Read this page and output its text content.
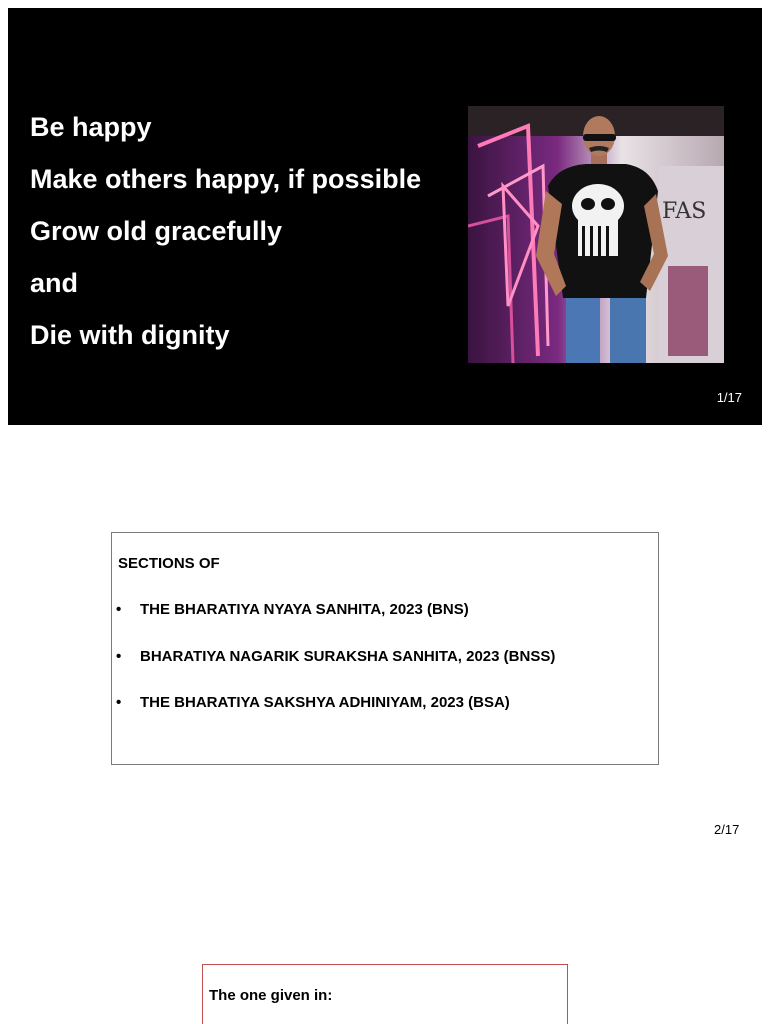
Be happy
Make others happy, if possible
Grow old gracefully
and
Die with dignity
FAS
1/17
SECTIONS OF
• THE BHARATIYA NYAYA SANHITA, 2023 (BNS)
• BHARATIYA NAGARIK SURAKSHA SANHITA, 2023 (BNSS)
• THE BHARATIYA SAKSHYA ADHINIYAM, 2023 (BSA)
2/17
The one given in:
